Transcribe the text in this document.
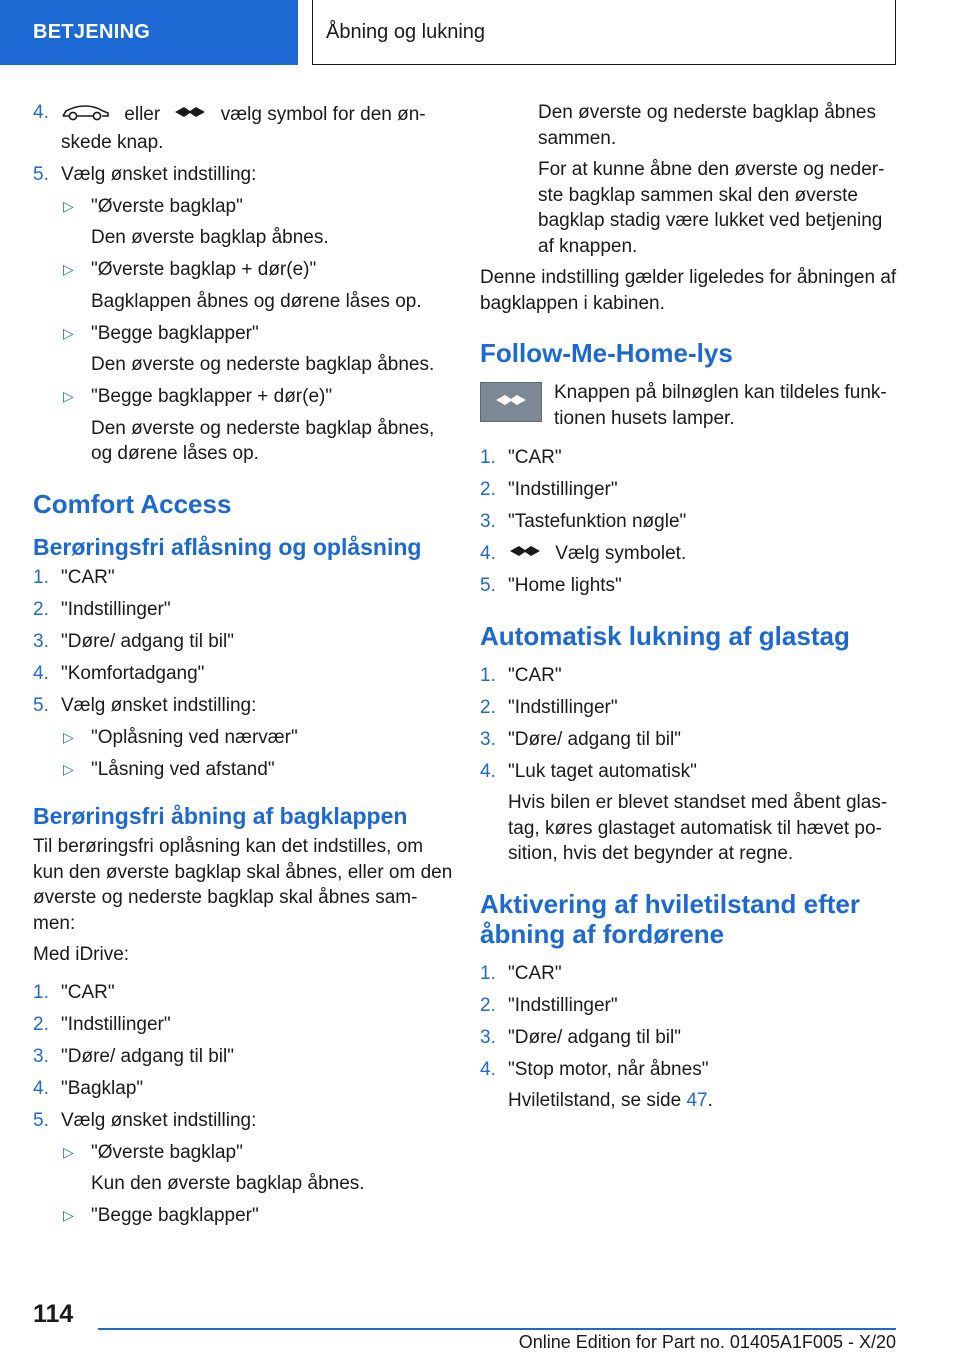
BETJENING	Åbning og lukning
4.	eller	vælg symbol for den øn-
skede knap.
5. Vælg ønsket indstilling:
▷ "Øverste bagklap"
Den øverste bagklap åbnes.
▷ "Øverste bagklap + dør(e)"
Bagklappen åbnes og dørene låses op.
▷ "Begge bagklapper"
Den øverste og nederste bagklap åbnes.
▷ "Begge bagklapper + dør(e)"
Den øverste og nederste bagklap åbnes, og dørene låses op.
Comfort Access
Berøringsfri aflåsning og oplåsning
1. "CAR"
2. "Indstillinger"
3. "Døre/ adgang til bil"
4. "Komfortadgang"
5. Vælg ønsket indstilling:
▷ "Oplåsning ved nærvær"
▷ "Låsning ved afstand"
Berøringsfri åbning af bagklappen
Til berøringsfri oplåsning kan det indstilles, om kun den øverste bagklap skal åbnes, eller om den øverste og nederste bagklap skal åbnes sammen:
Med iDrive:
1. "CAR"
2. "Indstillinger"
3. "Døre/ adgang til bil"
4. "Bagklap"
5. Vælg ønsket indstilling:
▷ "Øverste bagklap"
Kun den øverste bagklap åbnes.
▷ "Begge bagklapper"
Den øverste og nederste bagklap åbnes sammen.
For at kunne åbne den øverste og nederste bagklap sammen skal den øverste bagklap stadig være lukket ved betjening af knappen.
Denne indstilling gælder ligeledes for åbningen af bagklappen i kabinen.
Follow-Me-Home-lys
Knappen på bilnøglen kan tildeles funktionen husets lamper.
1. "CAR"
2. "Indstillinger"
3. "Tastefunktion nøgle"
4.	Vælg symbolet.
5. "Home lights"
Automatisk lukning af glastag
1. "CAR"
2. "Indstillinger"
3. "Døre/ adgang til bil"
4. "Luk taget automatisk"
Hvis bilen er blevet standset med åbent glastag, køres glastaget automatisk til hævet position, hvis det begynder at regne.
Aktivering af hviletilstand efter åbning af fordørene
1. "CAR"
2. "Indstillinger"
3. "Døre/ adgang til bil"
4. "Stop motor, når åbnes"
Hviletilstand, se side 47.
114
Online Edition for Part no. 01405A1F005 - X/20
